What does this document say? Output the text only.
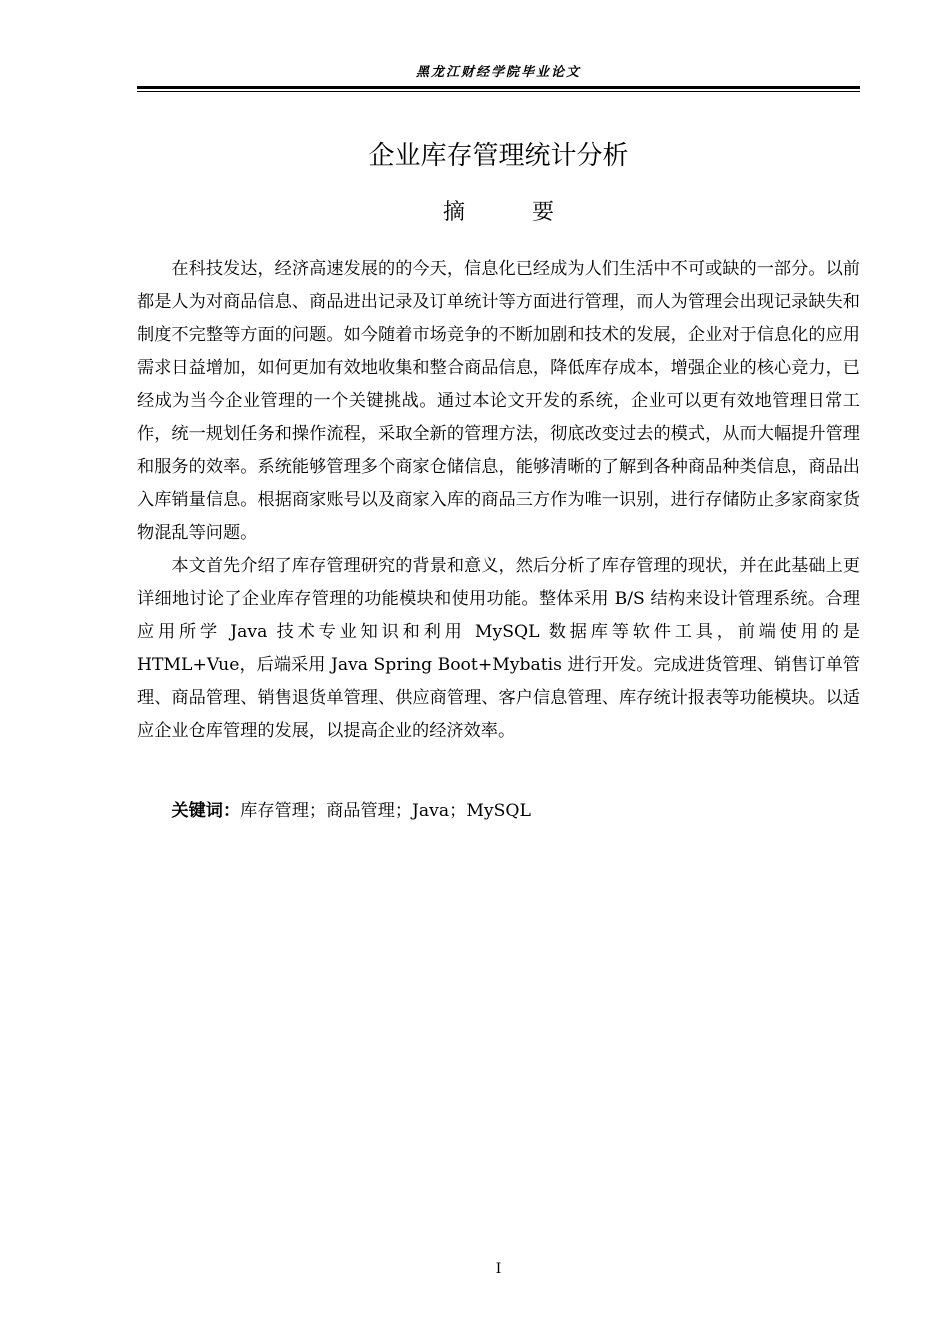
黑龙江财经学院毕业论文
企业库存管理统计分析
摘 要

在科技发达，经济高速发展的的今天，信息化已经成为人们生活中不可或缺的一部分。以前都是人为对商品信息、商品进出记录及订单统计等方面进行管理，而人为管理会出现记录缺失和制度不完整等方面的问题。如今随着市场竞争的不断加剧和技术的发展，企业对于信息化的应用需求日益增加，如何更加有效地收集和整合商品信息，降低库存成本，增强企业的核心竞力，已经成为当今企业管理的一个关键挑战。通过本论文开发的系统，企业可以更有效地管理日常工作，统一规划任务和操作流程，采取全新的管理方法，彻底改变过去的模式，从而大幅提升管理和服务的效率。系统能够管理多个商家仓储信息，能够清晰的了解到各种商品种类信息，商品出入库销量信息。根据商家账号以及商家入库的商品三方作为唯一识别，进行存储防止多家商家货物混乱等问题。

本文首先介绍了库存管理研究的背景和意义，然后分析了库存管理的现状，并在此基础上更详细地讨论了企业库存管理的功能模块和使用功能。整体采用 B/S 结构来设计管理系统。合理应用所学 Java 技术专业知识和利用 MySQL 数据库等软件工具，前端使用的是 HTML+Vue，后端采用 Java Spring Boot+Mybatis 进行开发。完成进货管理、销售订单管理、商品管理、销售退货单管理、供应商管理、客户信息管理、库存统计报表等功能模块。以适应企业仓库管理的发展，以提高企业的经济效率。

关键词：库存管理；商品管理；Java；MySQL
I
